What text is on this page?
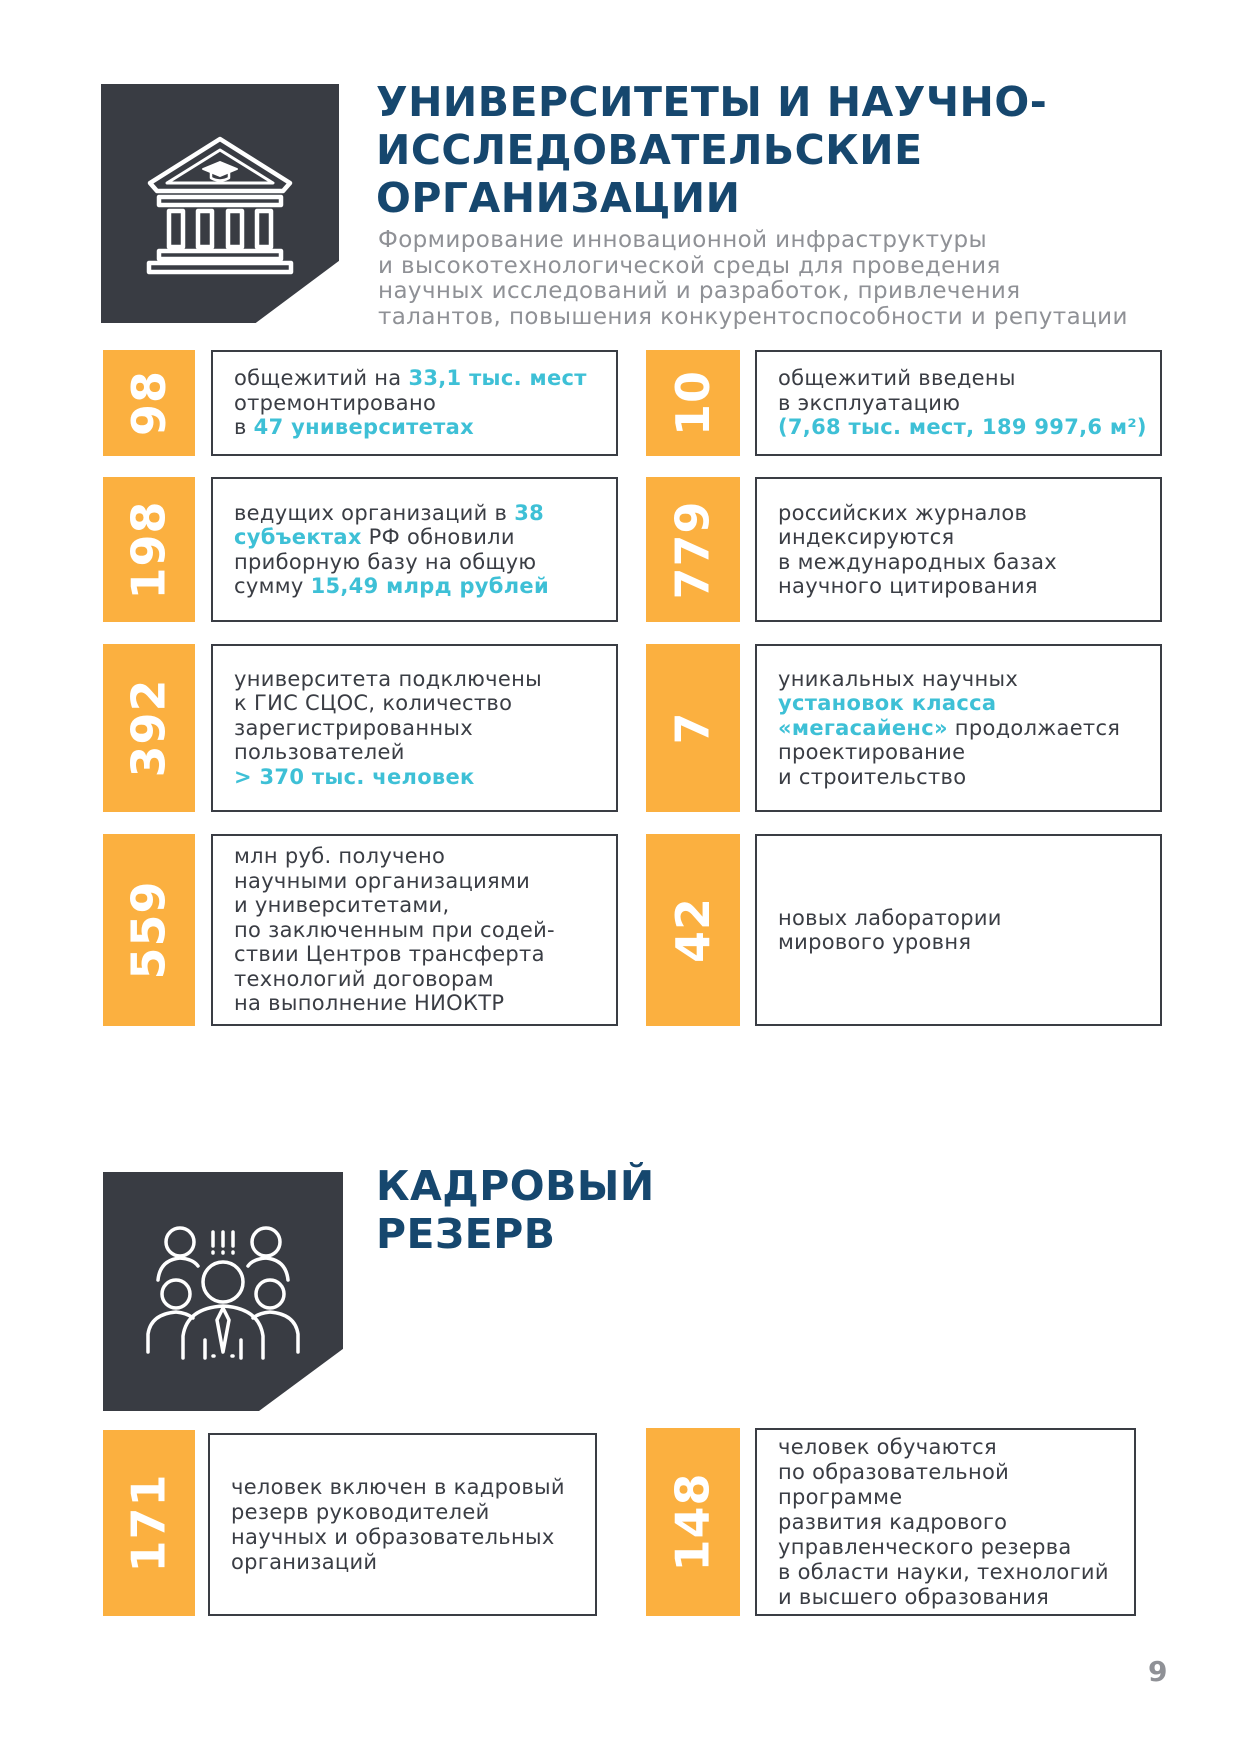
УНИВЕРСИТЕТЫ И НАУЧНО-
ИССЛЕДОВАТЕЛЬСКИЕ
ОРГАНИЗАЦИИ

Формирование инновационной инфраструктуры
и высокотехнологической среды для проведения
научных исследований и разработок, привлечения
талантов, повышения конкурентоспособности и репутации

98	общежитий на 33,1 тыс. мест
отремонтировано
в 47 университетах	10	общежитий введены
в эксплуатацию
(7,68 тыс. мест, 189 997,6 м²)
198	ведущих организаций в 38
субъектах РФ обновили
приборную базу на общую
сумму 15,49 млрд рублей	779	российских журналов
индексируются
в международных базах
научного цитирования
392	университета подключены
к ГИС СЦОС, количество
зарегистрированных
пользователей
> 370 тыс. человек
7
уникальных научных
установок класса
«мегасайенс» продолжается
проектирование
и строительство
559
млн руб. получено
научными организациями
и университетами,
по заключенным при содей-
ствии Центров трансферта
технологий договорам
на выполнение НИОКТР
42	новых лаборатории
мирового уровня
КАДРОВЫЙ
РЕЗЕРВ
171	человек включен в кадровый
резерв руководителей
научных и образовательных
организаций	148
человек обучаются
по образовательной программе
развития кадрового
управленческого резерва
в области науки, технологий
и высшего образования
9
